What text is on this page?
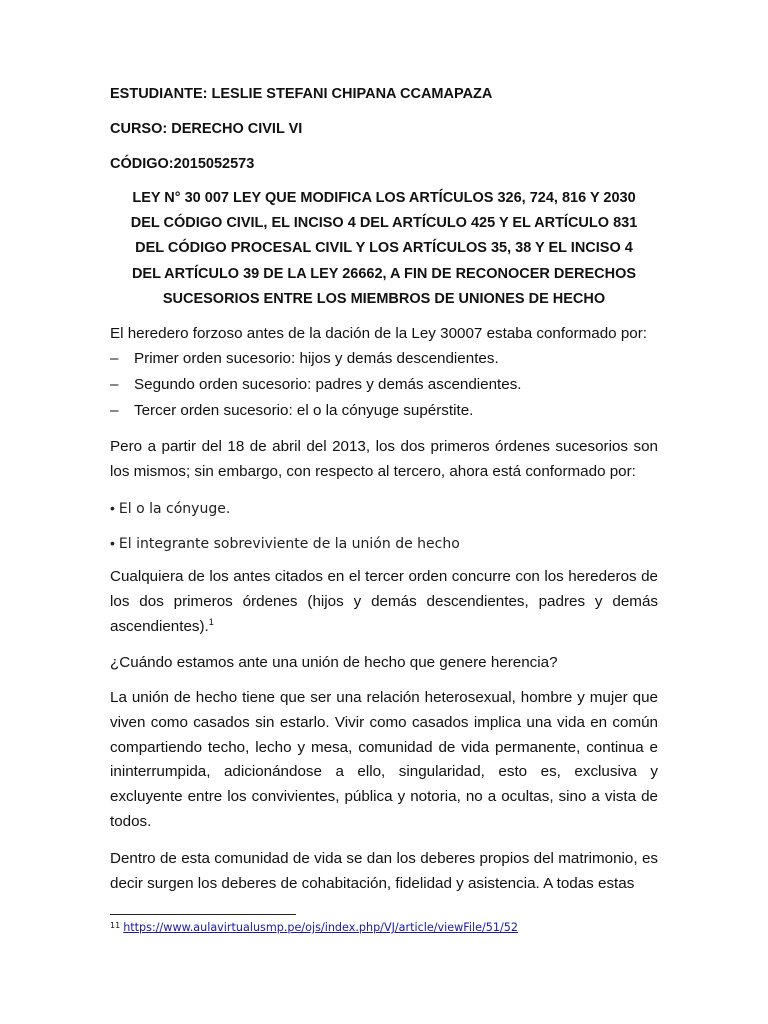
ESTUDIANTE: LESLIE STEFANI CHIPANA CCAMAPAZA
CURSO: DERECHO CIVIL VI
CÓDIGO:2015052573
LEY N° 30 007 LEY QUE MODIFICA LOS ARTÍCULOS 326, 724, 816 Y 2030
DEL CÓDIGO CIVIL, EL INCISO 4 DEL ARTÍCULO 425 Y EL ARTÍCULO 831
DEL CÓDIGO PROCESAL CIVIL Y LOS ARTÍCULOS 35, 38 Y EL INCISO 4
DEL ARTÍCULO 39 DE LA LEY 26662, A FIN DE RECONOCER DERECHOS
SUCESORIOS ENTRE LOS MIEMBROS DE UNIONES DE HECHO
El heredero forzoso antes de la dación de la Ley 30007 estaba conformado por:
– Primer orden sucesorio: hijos y demás descendientes.
– Segundo orden sucesorio: padres y demás ascendientes.
– Tercer orden sucesorio: el o la cónyuge supérstite.
Pero a partir del 18 de abril del 2013, los dos primeros órdenes sucesorios son los mismos; sin embargo, con respecto al tercero, ahora está conformado por:
• El o la cónyuge.
• El integrante sobreviviente de la unión de hecho
Cualquiera de los antes citados en el tercer orden concurre con los herederos de los dos primeros órdenes (hijos y demás descendientes, padres y demás ascendientes).$^1$
¿Cuándo estamos ante una unión de hecho que genere herencia?
La unión de hecho tiene que ser una relación heterosexual, hombre y mujer que viven como casados sin estarlo. Vivir como casados implica una vida en común compartiendo techo, lecho y mesa, comunidad de vida permanente, continua e ininterrumpida, adicionándose a ello, singularidad, esto es, exclusiva y excluyente entre los convivientes, pública y notoria, no a ocultas, sino a vista de todos.
Dentro de esta comunidad de vida se dan los deberes propios del matrimonio, es decir surgen los deberes de cohabitación, fidelidad y asistencia. A todas estas
$^{11}$ https://www.aulavirtualusmp.pe/ojs/index.php/VJ/article/viewFile/51/52
